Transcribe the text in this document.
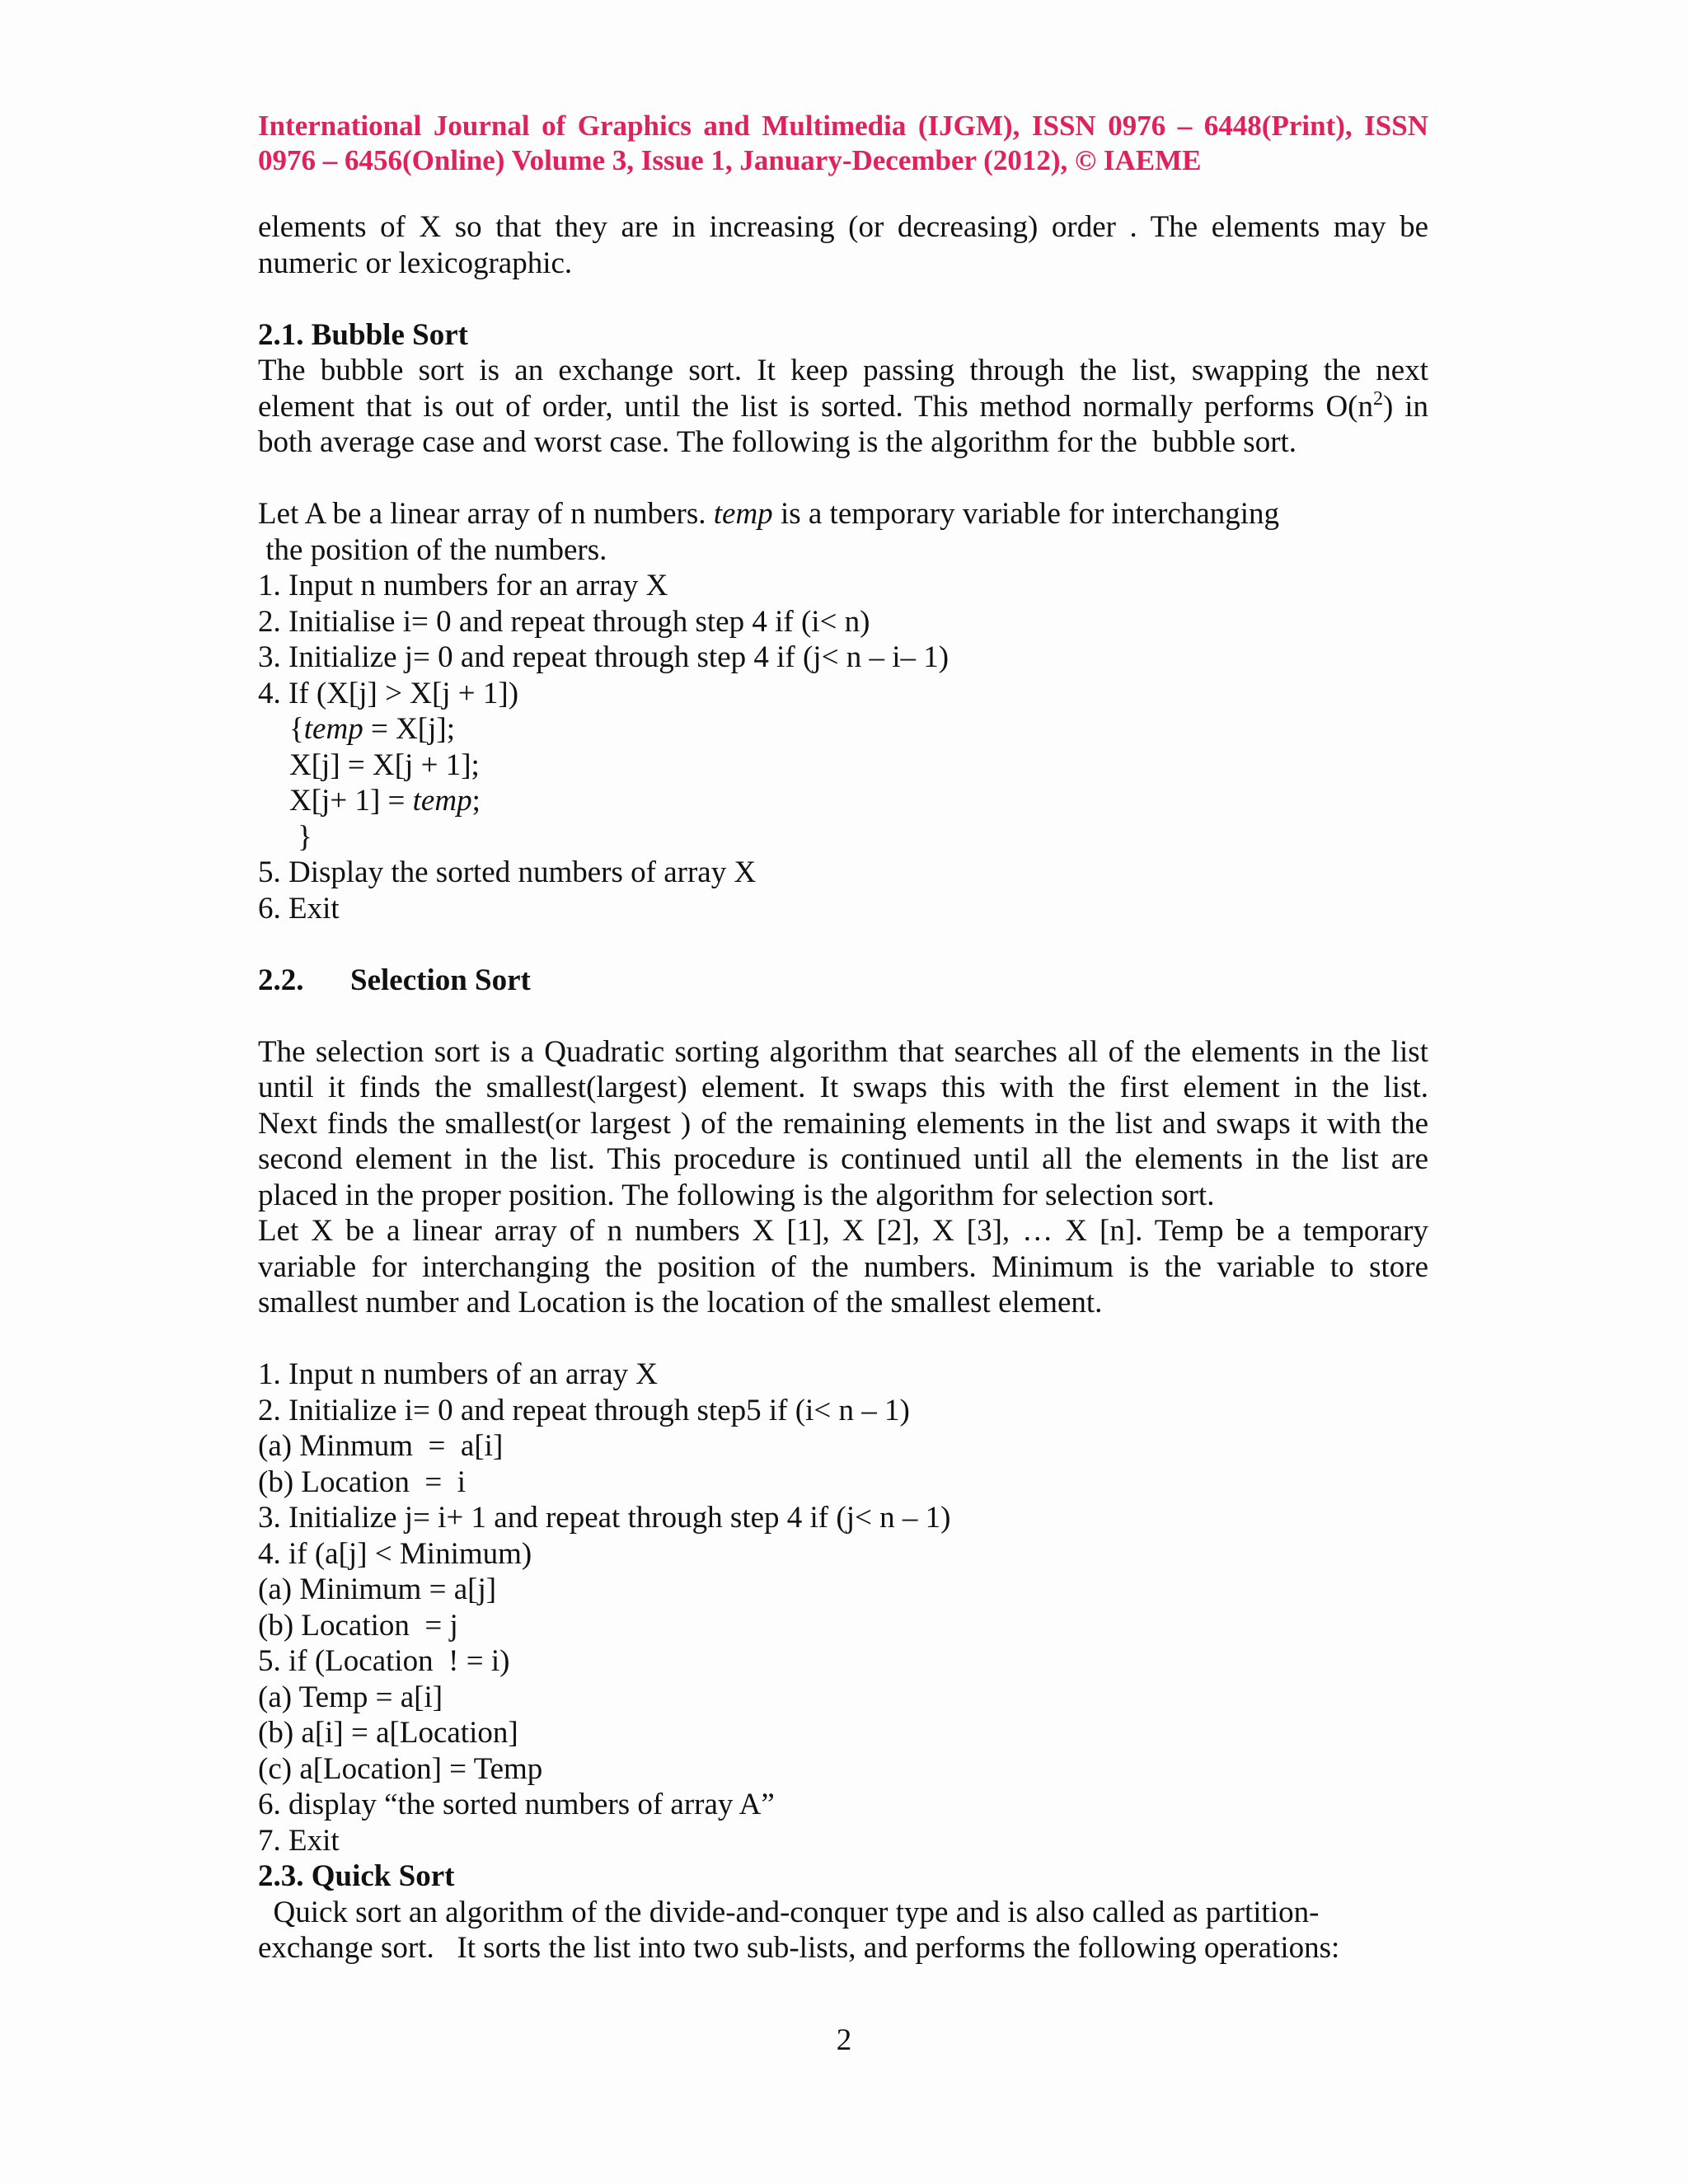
International Journal of Graphics and Multimedia (IJGM), ISSN 0976 – 6448(Print), ISSN
0976 – 6456(Online) Volume 3, Issue 1, January-December (2012), © IAEME
elements of X so that they are in increasing (or decreasing) order . The elements may be
numeric or lexicographic.
2.1. Bubble Sort
The bubble sort is an exchange sort. It keep passing through the list, swapping the next
element that is out of order, until the list is sorted. This method normally performs $O(n^2)$ in
both average case and worst case. The following is the algorithm for the  bubble sort.
Let A be a linear array of n numbers. temp is a temporary variable for interchanging
the position of the numbers.
1. Input n numbers for an array X
2. Initialise i= 0 and repeat through step 4 if (i< n)
3. Initialize j= 0 and repeat through step 4 if (j< n – i– 1)
4. If (X[j] > X[j + 1])
{temp = X[j];
X[j] = X[j + 1];
X[j+ 1] = temp;
}
5. Display the sorted numbers of array X
6. Exit
2.2. Selection Sort
The selection sort is a Quadratic sorting algorithm that searches all of the elements in the list
until it finds the smallest(largest) element. It swaps this with the first element in the list.
Next finds the smallest(or largest ) of the remaining elements in the list and swaps it with the
second element in the list. This procedure is continued until all the elements in the list are
placed in the proper position. The following is the algorithm for selection sort.
Let X be a linear array of n numbers X [1], X [2], X [3], … X [n]. Temp be a temporary
variable for interchanging the position of the numbers. Minimum is the variable to store
smallest number and Location is the location of the smallest element.
1. Input n numbers of an array X
2. Initialize i= 0 and repeat through step5 if (i< n – 1)
(a) Minmum  =  a[i]
(b) Location  =  i
3. Initialize j= i+ 1 and repeat through step 4 if (j< n – 1)
4. if (a[j] < Minimum)
(a) Minimum = a[j]
(b) Location  = j
5. if (Location  ! = i)
(a) Temp = a[i]
(b) a[i] = a[Location]
(c) a[Location] = Temp
6. display “the sorted numbers of array A”
7. Exit
2.3. Quick Sort
Quick sort an algorithm of the divide-and-conquer type and is also called as partition-
exchange sort.   It sorts the list into two sub-lists, and performs the following operations:
2
